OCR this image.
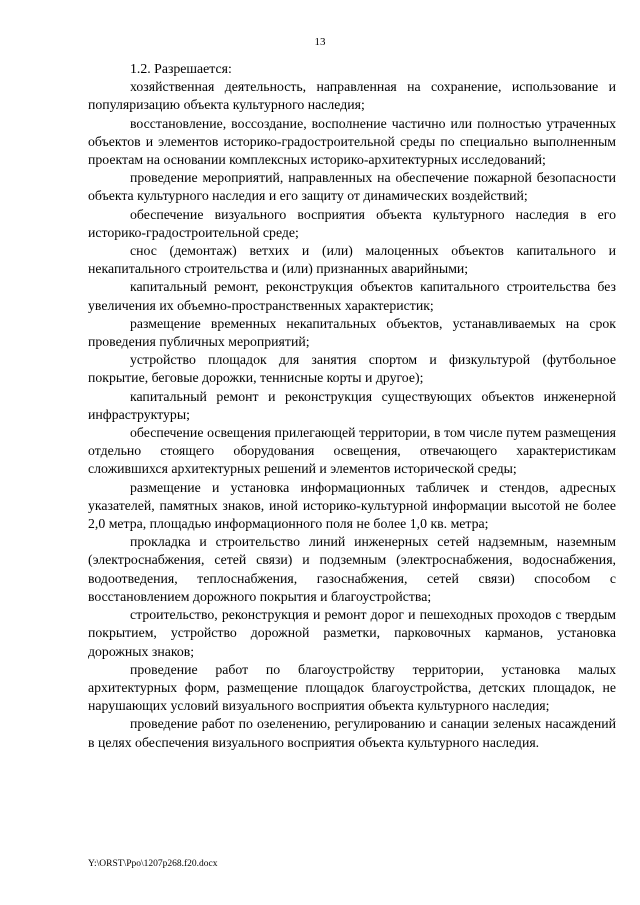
13

1.2. Разрешается:

хозяйственная деятельность, направленная на сохранение, использование и популяризацию объекта культурного наследия;

восстановление, воссоздание, восполнение частично или полностью утраченных объектов и элементов историко-градостроительной среды по специально выполненным проектам на основании комплексных историко-архитектурных исследований;

проведение мероприятий, направленных на обеспечение пожарной безопасности объекта культурного наследия и его защиту от динамических воздействий;

обеспечение визуального восприятия объекта культурного наследия в его историко-градостроительной среде;

снос (демонтаж) ветхих и (или) малоценных объектов капитального и некапитального строительства и (или) признанных аварийными;

капитальный ремонт, реконструкция объектов капитального строительства без увеличения их объемно-пространственных характеристик;

размещение временных некапитальных объектов, устанавливаемых на срок проведения публичных мероприятий;

устройство площадок для занятия спортом и физкультурой (футбольное покрытие, беговые дорожки, теннисные корты и другое);

капитальный ремонт и реконструкция существующих объектов инженерной инфраструктуры;

обеспечение освещения прилегающей территории, в том числе путем размещения отдельно стоящего оборудования освещения, отвечающего характеристикам сложившихся архитектурных решений и элементов исторической среды;

размещение и установка информационных табличек и стендов, адресных указателей, памятных знаков, иной историко-культурной информации высотой не более 2,0 метра, площадью информационного поля не более 1,0 кв. метра;

прокладка и строительство линий инженерных сетей надземным, наземным (электроснабжения, сетей связи) и подземным (электроснабжения, водоснабжения, водоотведения, теплоснабжения, газоснабжения, сетей связи) способом с восстановлением дорожного покрытия и благоустройства;

строительство, реконструкция и ремонт дорог и пешеходных проходов с твердым покрытием, устройство дорожной разметки, парковочных карманов, установка дорожных знаков;

проведение работ по благоустройству территории, установка малых архитектурных форм, размещение площадок благоустройства, детских площадок, не нарушающих условий визуального восприятия объекта культурного наследия;

проведение работ по озеленению, регулированию и санации зеленых насаждений в целях обеспечения визуального восприятия объекта культурного наследия.

Y:\ORST\Ppo\1207p268.f20.docx
